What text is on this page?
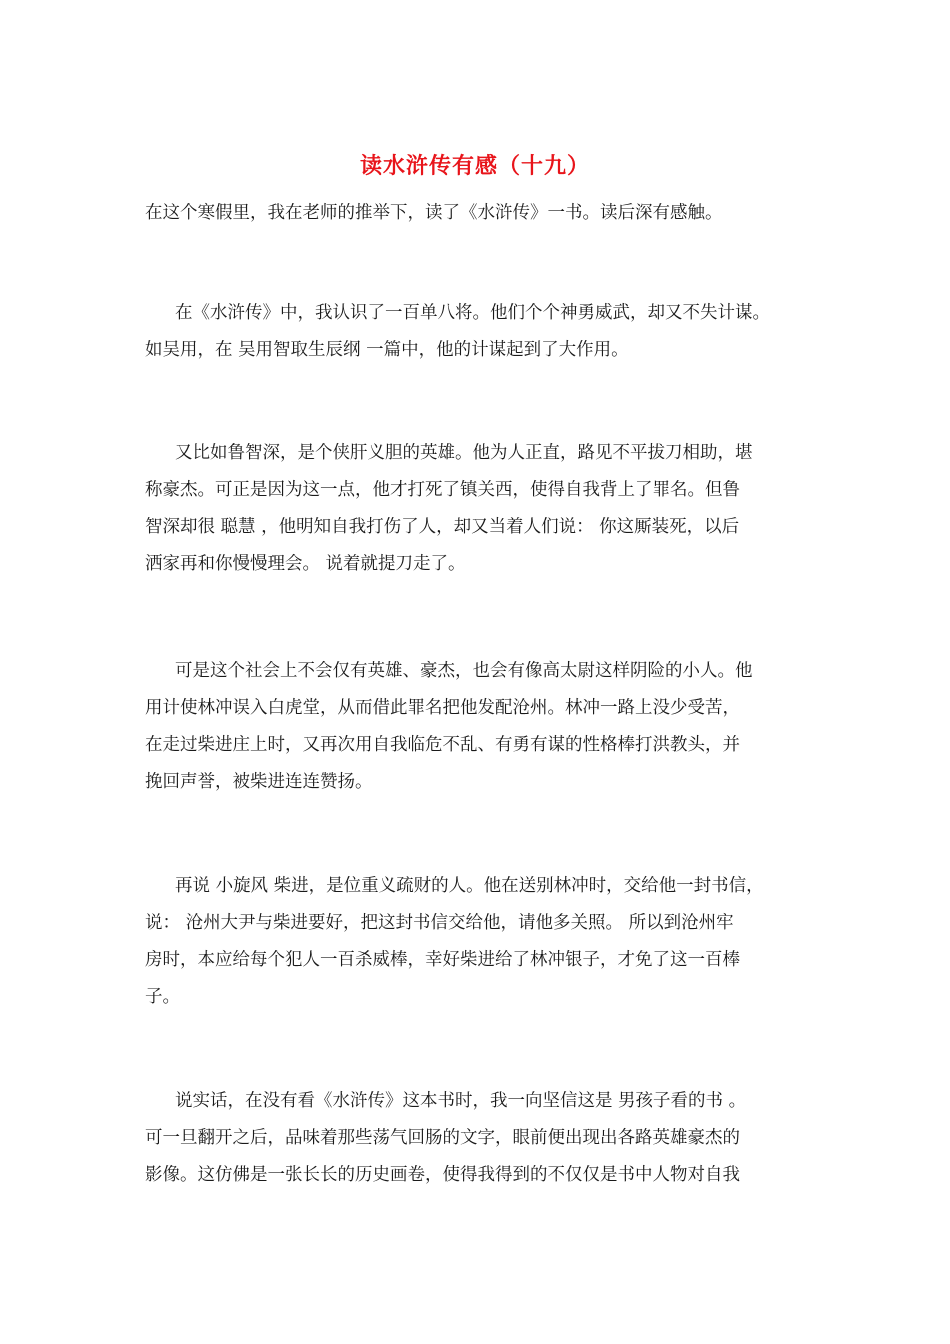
读水浒传有感（十九）

在这个寒假里，我在老师的推举下，读了《水浒传》一书。读后深有感触。

在《水浒传》中，我认识了一百单八将。他们个个神勇威武，却又不失计谋。
如吴用，在 吴用智取生辰纲 一篇中，他的计谋起到了大作用。

又比如鲁智深，是个侠肝义胆的英雄。他为人正直，路见不平拔刀相助，堪
称豪杰。可正是因为这一点，他才打死了镇关西，使得自我背上了罪名。但鲁
智深却很 聪慧 ，他明知自我打伤了人，却又当着人们说： 你这厮装死，以后
洒家再和你慢慢理会。 说着就提刀走了。

可是这个社会上不会仅有英雄、豪杰，也会有像高太尉这样阴险的小人。他
用计使林冲误入白虎堂，从而借此罪名把他发配沧州。林冲一路上没少受苦，
在走过柴进庄上时，又再次用自我临危不乱、有勇有谋的性格棒打洪教头，并
挽回声誉，被柴进连连赞扬。

再说 小旋风 柴进，是位重义疏财的人。他在送别林冲时，交给他一封书信，
说： 沧州大尹与柴进要好，把这封书信交给他，请他多关照。 所以到沧州牢
房时，本应给每个犯人一百杀威棒，幸好柴进给了林冲银子，才免了这一百棒
子。

说实话，在没有看《水浒传》这本书时，我一向坚信这是 男孩子看的书 。
可一旦翻开之后，品味着那些荡气回肠的文字，眼前便出现出各路英雄豪杰的
影像。这仿佛是一张长长的历史画卷，使得我得到的不仅仅是书中人物对自我
